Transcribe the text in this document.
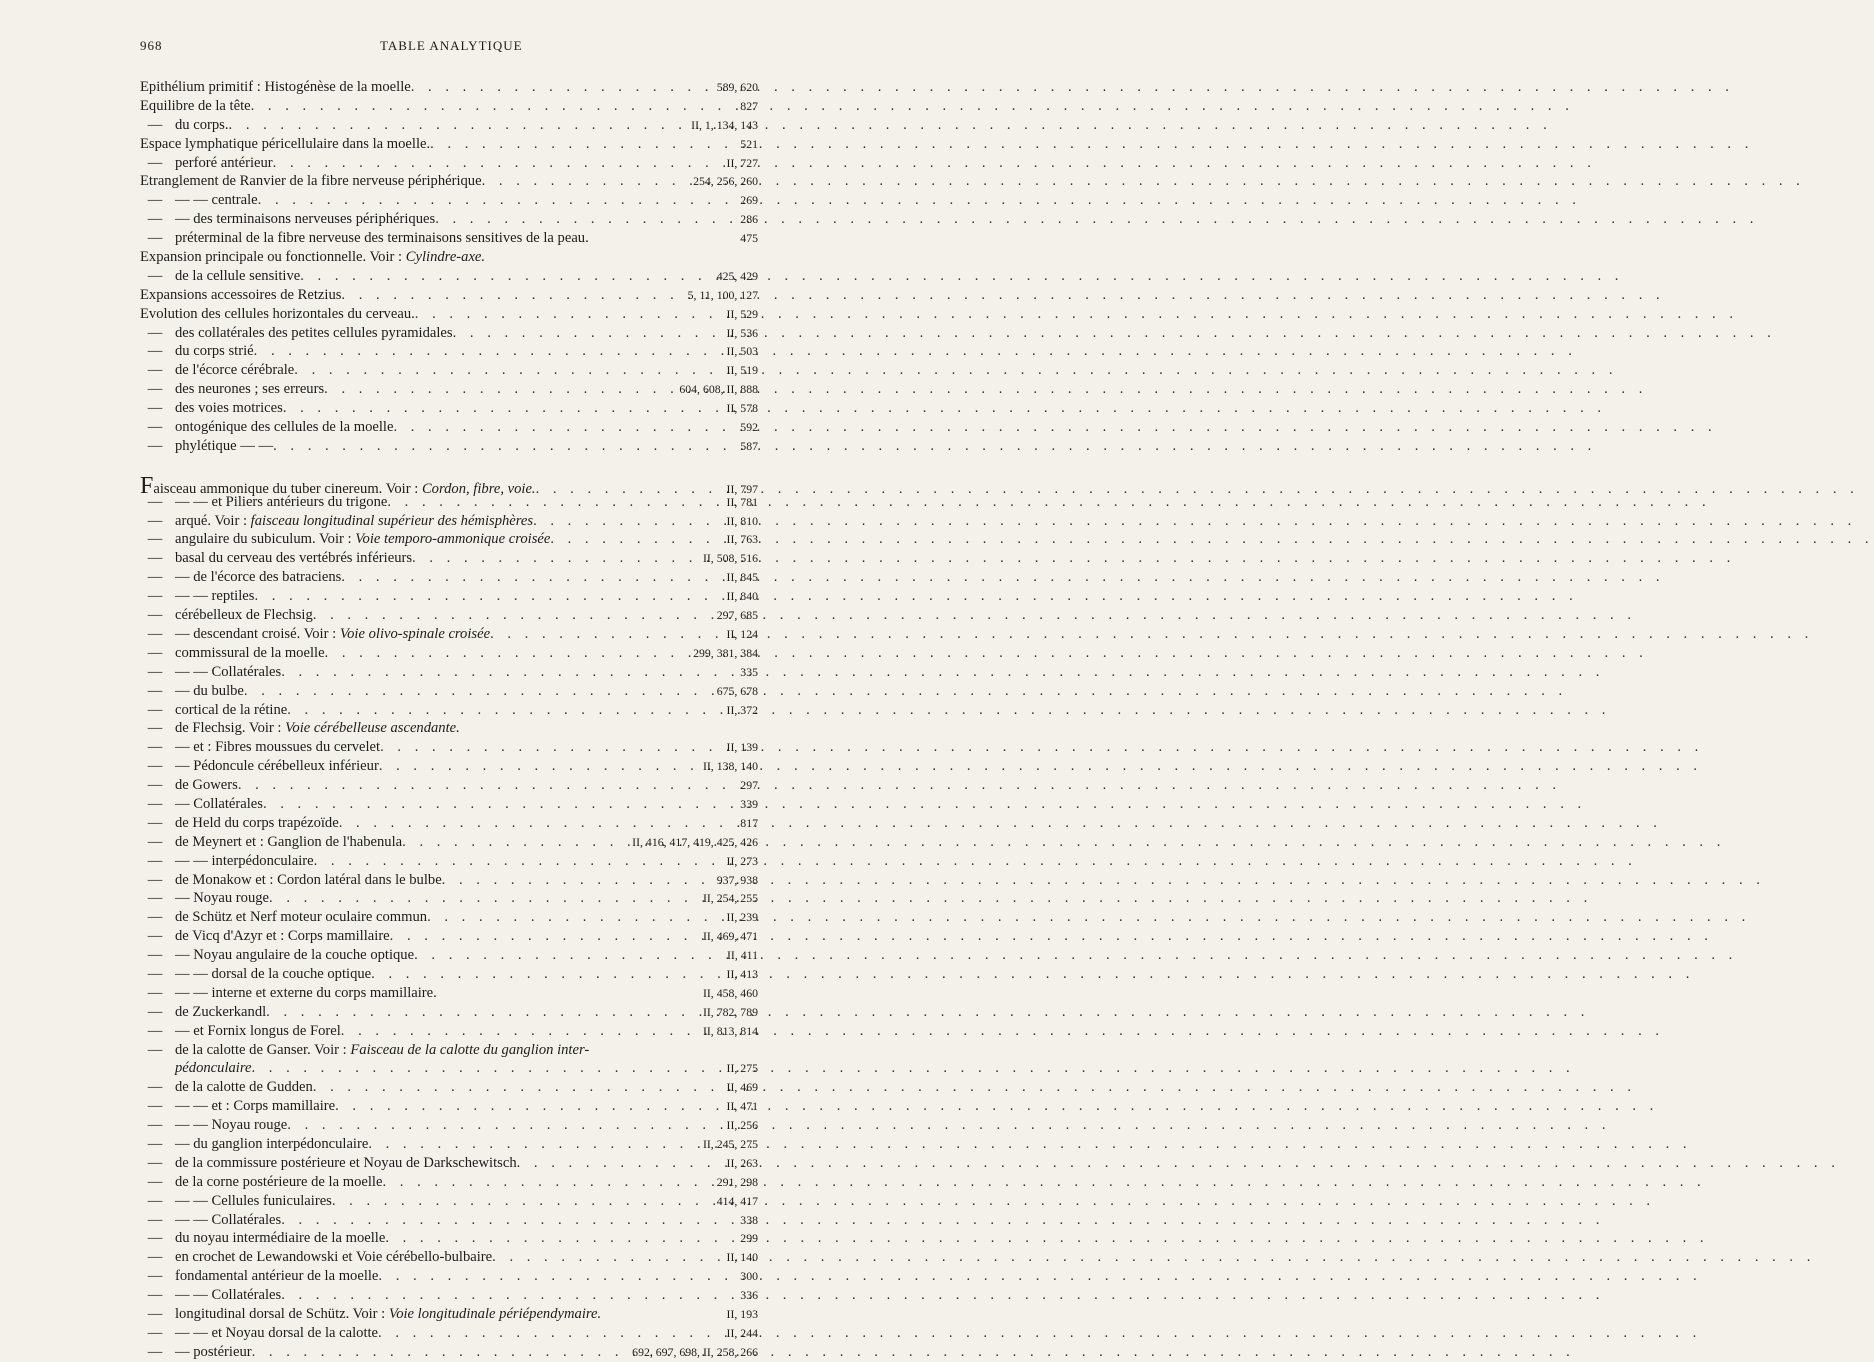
968	TABLE ANALYTIQUE
Epithélium primitif : Histogénèse de la moelle . . .	589, 620
Equilibre de la tête . . .	827
— du corps. . . .	II, 1, 134, 143
Espace lymphatique péricellulaire dans la moelle. . . .	521
— perforé antérieur . . .	II, 727
Etranglement de Ranvier de la fibre nerveuse périphérique . . .	254, 256, 260
— — — centrale . . .	269
— — des terminaisons nerveuses périphériques . . .	286
— préterminal de la fibre nerveuse des terminaisons sensitives de la peau.	475
Expansion principale ou fonctionnelle. Voir : Cylindre-axe.
— de la cellule sensitive . . .	425, 429
Expansions accessoires de Retzius . . .	5, 11, 100, 127
Evolution des cellules horizontales du cerveau. . . .	II, 529
— des collatérales des petites cellules pyramidales . . .	II, 536
— du corps strié . . .	II, 503
— de l'écorce cérébrale . . .	II, 519
— des neurones ; ses erreurs . . .	604, 608, II, 888
— des voies motrices . . .	II, 578
— ontogénique des cellules de la moelle . . .	592
— phylétique — — . . .	587
Faisceau ammonique du tuber cinereum. Voir : Cordon, fibre, voie. . . .	II, 797
— — — et Piliers antérieurs du trigone . . .	II, 781
— arqué. Voir : faisceau longitudinal supérieur des hémisphères . . .	II, 810
— angulaire du subiculum. Voir : Voie temporo-ammonique croisée . . .	II, 763
— basal du cerveau des vertébrés inférieurs . . .	II, 508, 516
— — de l'écorce des batraciens . . .	II, 845
— — — reptiles . . .	II, 840
— cérébelleux de Flechsig . . .	297, 685
— — descendant croisé. Voir : Voie olivo-spinale croisée . . .	II, 124
— commissural de la moelle . . .	299, 381, 384
— — — Collatérales . . .	335
— — du bulbe . . .	675, 678
— cortical de la rétine . . .	II, 372
— de Flechsig. Voir : Voie cérébelleuse ascendante.
— — et : Fibres moussues du cervelet . . .	II, 139
— — Pédoncule cérébelleux inférieur . . .	II, 138, 140
— de Gowers . . .	297
— — Collatérales . . .	339
— de Held du corps trapézoïde . . .	817
— de Meynert et : Ganglion de l'habenula . . .	II, 416, 417, 419, 425, 426
— — — interpédonculaire . . .	II, 273
— de Monakow et : Cordon latéral dans le bulbe . . .	937, 938
— — Noyau rouge . . .	II, 254, 255
— de Schütz et Nerf moteur oculaire commun . . .	II, 239
— de Vicq d'Azyr et : Corps mamillaire . . .	II, 469, 471
— — Noyau angulaire de la couche optique . . .	II, 411
— — — dorsal de la couche optique . . .	II, 413
— — — interne et externe du corps mamillaire.	II, 458, 460
— de Zuckerkandl . . .	II, 782, 789
— — et Fornix longus de Forel . . .	II, 813, 814
— de la calotte de Ganser. Voir : Faisceau de la calotte du ganglion inter-
pédonculaire . . .	II, 275
— de la calotte de Gudden . . .	II, 469
— — — et : Corps mamillaire . . .	II, 471
— — — Noyau rouge . . .	II, 256
— — du ganglion interpédonculaire . . .	II, 245, 275
— de la commissure postérieure et Noyau de Darkschewitsch . . .	II, 263
— de la corne postérieure de la moelle . . .	291, 298
— — — Cellules funiculaires . . .	414, 417
— — — Collatérales . . .	338
— du noyau intermédiaire de la moelle . . .	299
— en crochet de Lewandowski et Voie cérébello-bulbaire . . .	II, 140
— fondamental antérieur de la moelle . . .	300
— — — Collatérales . . .	336
— longitudinal dorsal de Schütz. Voir : Voie longitudinale périépendymaire.	II, 193
— — — et Noyau dorsal de la calotte . . .	II, 244
— — postérieur . . .	692, 697, 698, II, 258, 266
